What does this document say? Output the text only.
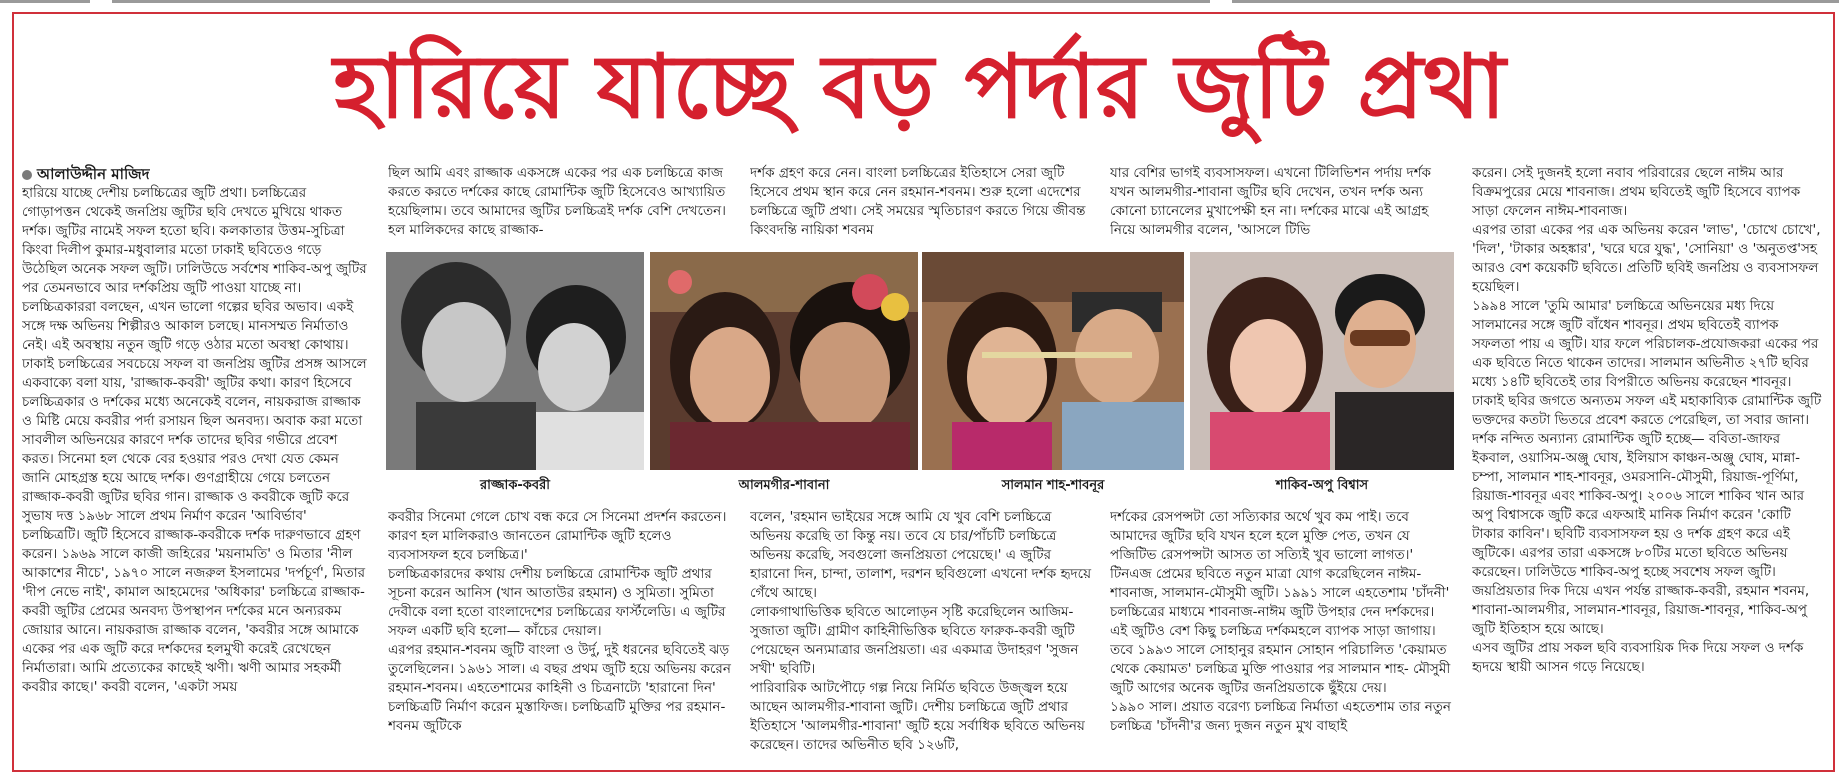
হারিয়ে যাচ্ছে বড় পর্দার জুটি প্রথা
আলাউদ্দীন মাজিদ

হারিয়ে যাচ্ছে দেশীয় চলচ্চিত্রের জুটি প্রথা। চলচ্চিত্রের গোড়াপত্তন থেকেই জনপ্রিয় জুটির ছবি দেখতে মুখিয়ে থাকত দর্শক। জুটির নামেই সফল হতো ছবি। কলকাতার উত্তম-সুচিত্রা কিংবা দিলীপ কুমার-মধুবালার মতো ঢাকাই ছবিতেও গড়ে উঠেছিল অনেক সফল জুটি। ঢালিউডে সর্বশেষ শাকিব-অপু জুটির পর তেমনভাবে আর দর্শকপ্রিয় জুটি পাওয়া যাচ্ছে না। চলচ্চিত্রকাররা বলছেন, এখন ভালো গল্পের ছবির অভাব। একই সঙ্গে দক্ষ অভিনয় শিল্পীরও আকাল চলছে। মানসম্মত নির্মাতাও নেই। এই অবস্থায় নতুন জুটি গড়ে ওঠার মতো অবস্থা কোথায়।
ঢাকাই চলচ্চিত্রের সবচেয়ে সফল বা জনপ্রিয় জুটির প্রসঙ্গ আসলে একবাক্যে বলা যায়, 'রাজ্জাক-কবরী' জুটির কথা। কারণ হিসেবে চলচ্চিত্রকার ও দর্শকের মধ্যে অনেকেই বলেন, নায়করাজ রাজ্জাক ও মিষ্টি মেয়ে কবরীর পর্দা রসায়ন ছিল অনবদ্য। অবাক করা মতো সাবলীল অভিনয়ের কারণে দর্শক তাদের ছবির গভীরে প্রবেশ করত। সিনেমা হল থেকে বের হওয়ার পরও দেখা যেত কেমন জানি মোহগ্রস্ত হয়ে আছে দর্শক। গুণগ্রাহীয়ে গেয়ে চলতেন রাজ্জাক-কবরী জুটির ছবির গান। রাজ্জাক ও কবরীকে জুটি করে সুভাষ দত্ত ১৯৬৮ সালে প্রথম নির্মাণ করেন 'আবির্ভাব' চলচ্চিত্রটি। জুটি হিসেবে রাজ্জাক-কবরীকে দর্শক দারুণভাবে গ্রহণ করেন। ১৯৬৯ সালে কাজী জহিরের 'ময়নামতি' ও মিতার 'নীল আকাশের নীচে', ১৯৭০ সালে নজরুল ইসলামের 'দর্পচূর্ণ', মিতার 'দীপ নেভে নাই', কামাল আহমেদের 'অধিকার' চলচ্চিত্রে রাজ্জাক-কবরী জুটির প্রেমের অনবদ্য উপস্থাপন দর্শকের মনে অন্যরকম জোয়ার আনে। নায়করাজ রাজ্জাক বলেন, 'কবরীর সঙ্গে আমাকে একের পর এক জুটি করে দর্শকদের হলমুখী করেই রেখেছেন নির্মাতারা। আমি প্রত্যেকের কাছেই ঋণী। ঋণী আমার সহকর্মী কবরীর কাছে।' কবরী বলেন, 'একটা সময়

ছিল আমি এবং রাজ্জাক একসঙ্গে একের পর এক চলচ্চিত্রে কাজ করতে করতে দর্শকের কাছে রোমান্টিক জুটি হিসেবেও আখ্যায়িত হয়েছিলাম। তবে আমাদের জুটির চলচ্চিত্রই দর্শক বেশি দেখতেন। হল মালিকদের কাছে রাজ্জাক-

দর্শক গ্রহণ করে নেন। বাংলা চলচ্চিত্রের ইতিহাসে সেরা জুটি হিসেবে প্রথম স্থান করে নেন রহমান-শবনম। শুরু হলো এদেশের চলচ্চিত্রে জুটি প্রথা। সেই সময়ের স্মৃতিচারণ করতে গিয়ে জীবন্ত কিংবদন্তি নায়িকা শবনম

যার বেশির ভাগই ব্যবসাসফল। এখনো টিলিভিশন পর্দায় দর্শক যখন আলমগীর-শাবানা জুটির ছবি দেখেন, তখন দর্শক অন্য কোনো চ্যানেলের মুখাপেক্ষী হন না। দর্শকের মাঝে এই আগ্রহ নিয়ে আলমগীর বলেন, 'আসলে টিভি

রাজ্জাক-কবরী	আলমগীর-শাবানা	সালমান শাহ-শাবনূর	শাকিব-অপু বিশ্বাস

কবরীর সিনেমা গেলে চোখ বন্ধ করে সে সিনেমা প্রদর্শন করতেন। কারণ হল মালিকরাও জানতেন রোমান্টিক জুটি হলেও ব্যবসাসফল হবে চলচ্চিত্র।'
চলচ্চিত্রকারদের কথায় দেশীয় চলচ্চিত্রে রোমান্টিক জুটি প্রথার সূচনা করেন আনিস (খান আতাউর রহমান) ও সুমিতা। সুমিতা দেবীকে বলা হতো বাংলাদেশের চলচ্চিত্রের ফার্স্টলেডি। এ জুটির সফল একটি ছবি হলো— কাঁচের দেয়াল।
এরপর রহমান-শবনম জুটি বাংলা ও উর্দু, দুই ধরনের ছবিতেই ঝড় তুলেছিলেন। ১৯৬১ সাল। এ বছর প্রথম জুটি হয়ে অভিনয় করেন রহমান-শবনম। এহতেশামের কাহিনী ও চিত্রনাট্যে 'হারানো দিন' চলচ্চিত্রটি নির্মাণ করেন মুস্তাফিজ। চলচ্চিত্রটি মুক্তির পর রহমান-শবনম জুটিকে

বলেন, 'রহমান ভাইয়ের সঙ্গে আমি যে খুব বেশি চলচ্চিত্রে অভিনয় করেছি তা কিন্তু নয়। তবে যে চার/পাঁচটি চলচ্চিত্রে অভিনয় করেছি, সবগুলো জনপ্রিয়তা পেয়েছে।' এ জুটির হারানো দিন, চান্দা, তালাশ, দরশন ছবিগুলো এখনো দর্শক হৃদয়ে গেঁথে আছে।
লোকগাথাভিত্তিক ছবিতে আলোড়ন সৃষ্টি করেছিলেন আজিম-সুজাতা জুটি। গ্রামীণ কাহিনীভিত্তিক ছবিতে ফারুক-কবরী জুটি পেয়েছেন অন্যমাত্রার জনপ্রিয়তা। এর একমাত্র উদাহরণ 'সুজন সখী' ছবিটি।
পারিবারিক আটপৌঢ়ে গল্প নিয়ে নির্মিত ছবিতে উজ্জ্বল হয়ে আছেন আলমগীর-শাবানা জুটি। দেশীয় চলচ্চিত্রে জুটি প্রথার ইতিহাসে 'আলমগীর-শাবানা' জুটি হয়ে সর্বাধিক ছবিতে অভিনয় করেছেন। তাদের অভিনীত ছবি ১২৬টি,

দর্শকের রেসপন্সটা তো সত্যিকার অর্থে খুব কম পাই। তবে আমাদের জুটির ছবি যখন হলে হলে মুক্তি পেত, তখন যে পজিটিভ রেসপন্সটা আসত তা সত্যিই খুব ভালো লাগত।'
টিনএজ প্রেমের ছবিতে নতুন মাত্রা যোগ করেছিলেন নাঈম-শাবনাজ, সালমান-মৌসুমী জুটি। ১৯৯১ সালে এহতেশাম 'চাঁদনী' চলচ্চিত্রের মাধ্যমে শাবনাজ-নাঈম জুটি উপহার দেন দর্শকদের। এই জুটিও বেশ কিছু চলচ্চিত্র দর্শকমহলে ব্যাপক সাড়া জাগায়। তবে ১৯৯৩ সালে সোহানুর রহমান সোহান পরিচালিত 'কেয়ামত থেকে কেয়ামত' চলচ্চিত্র মুক্তি পাওয়ার পর সালমান শাহ- মৌসুমী জুটি আগের অনেক জুটির জনপ্রিয়তাকে ছুঁইয়ে দেয়।
১৯৯০ সাল। প্রয়াত বরেণ্য চলচ্চিত্র নির্মাতা এহতেশাম তার নতুন চলচ্চিত্র 'চাঁদনী'র জন্য দুজন নতুন মুখ বাছাই

করেন। সেই দুজনই হলো নবাব পরিবারের ছেলে নাঈম আর বিক্রমপুরের মেয়ে শাবনাজ। প্রথম ছবিতেই জুটি হিসেবে ব্যাপক সাড়া ফেলেন নাঈম-শাবনাজ।
এরপর তারা একের পর এক অভিনয় করেন 'লাভ', 'চোখে চোখে', 'দিল', 'টাকার অহঙ্কার', 'ঘরে ঘরে যুদ্ধ', 'সোনিয়া' ও 'অনুতপ্ত'সহ আরও বেশ কয়েকটি ছবিতে। প্রতিটি ছবিই জনপ্রিয় ও ব্যবসাসফল হয়েছিল।
১৯৯৪ সালে 'তুমি আমার' চলচ্চিত্রে অভিনয়ের মধ্য দিয়ে সালমানের সঙ্গে জুটি বাঁধেন শাবনূর। প্রথম ছবিতেই ব্যাপক সফলতা পায় এ জুটি। যার ফলে পরিচালক-প্রযোজকরা একের পর এক ছবিতে নিতে থাকেন তাদের। সালমান অভিনীত ২৭টি ছবির মধ্যে ১৪টি ছবিতেই তার বিপরীতে অভিনয় করেছেন শাবনূর।
ঢাকাই ছবির জগতে অন্যতম সফল এই মহাকাব্যিক রোমান্টিক জুটি ভক্তদের কতটা ভিতরে প্রবেশ করতে পেরেছিল, তা সবার জানা।
দর্শক নন্দিত অন্যান্য রোমান্টিক জুটি হচ্ছে— ববিতা-জাফর ইকবাল, ওয়াসিম-অঞ্জু ঘোষ, ইলিয়াস কাঞ্চন-অঞ্জু ঘোষ, মান্না-চম্পা, সালমান শাহ-শাবনূর, ওমরসানি-মৌসুমী, রিয়াজ-পূর্ণিমা, রিয়াজ-শাবনূর এবং শাকিব-অপু। ২০০৬ সালে শাকিব খান আর অপু বিশ্বাসকে জুটি করে এফআই মানিক নির্মাণ করেন 'কোটি টাকার কাবিন'। ছবিটি ব্যবসাসফল হয় ও দর্শক গ্রহণ করে এই জুটিকে। এরপর তারা একসঙ্গে ৮০টির মতো ছবিতে অভিনয় করেছেন। ঢালিউডে শাকিব-অপু হচ্ছে সবশেষ সফল জুটি।
জয়প্রিয়তার দিক দিয়ে এখন পর্যন্ত রাজ্জাক-কবরী, রহমান শবনম, শাবানা-আলমগীর, সালমান-শাবনূর, রিয়াজ-শাবনূর, শাকিব-অপু জুটি ইতিহাস হয়ে আছে।
এসব জুটির প্রায় সকল ছবি ব্যবসায়িক দিক দিয়ে সফল ও দর্শক হৃদয়ে স্থায়ী আসন গড়ে নিয়েছে।
